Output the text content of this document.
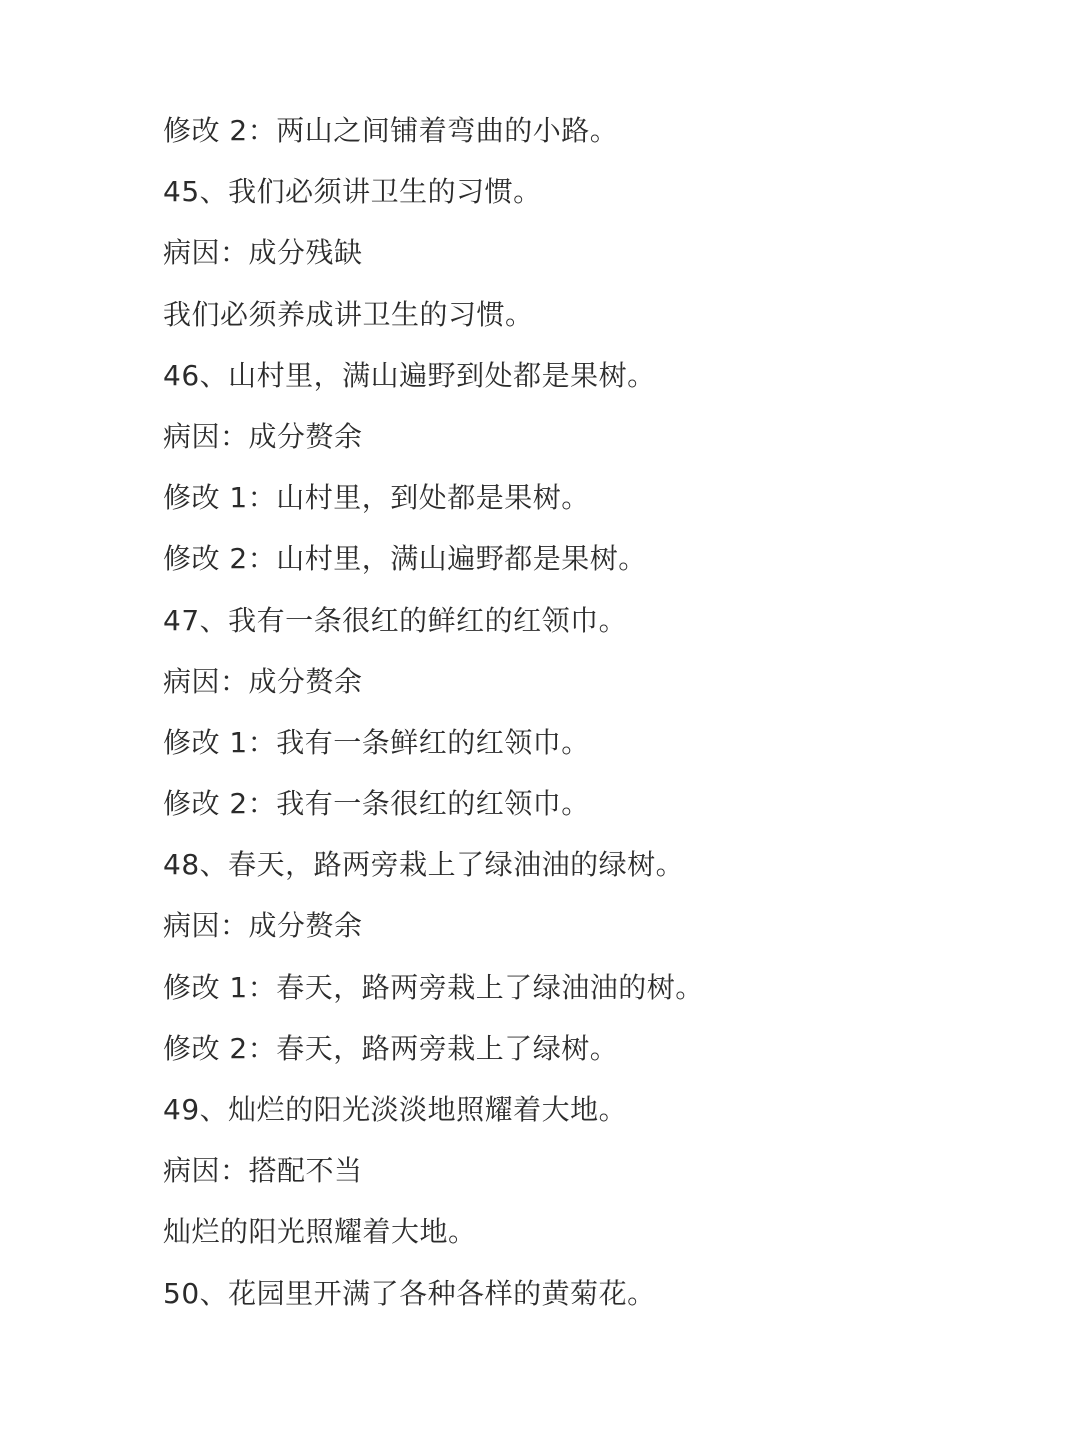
修改 2：两山之间铺着弯曲的小路。
45、我们必须讲卫生的习惯。
病因：成分残缺
我们必须养成讲卫生的习惯。
46、山村里，满山遍野到处都是果树。
病因：成分赘余
修改 1：山村里，到处都是果树。
修改 2：山村里，满山遍野都是果树。
47、我有一条很红的鲜红的红领巾。
病因：成分赘余
修改 1：我有一条鲜红的红领巾。
修改 2：我有一条很红的红领巾。
48、春天，路两旁栽上了绿油油的绿树。
病因：成分赘余
修改 1：春天，路两旁栽上了绿油油的树。
修改 2：春天，路两旁栽上了绿树。
49、灿烂的阳光淡淡地照耀着大地。
病因：搭配不当
灿烂的阳光照耀着大地。
50、花园里开满了各种各样的黄菊花。
